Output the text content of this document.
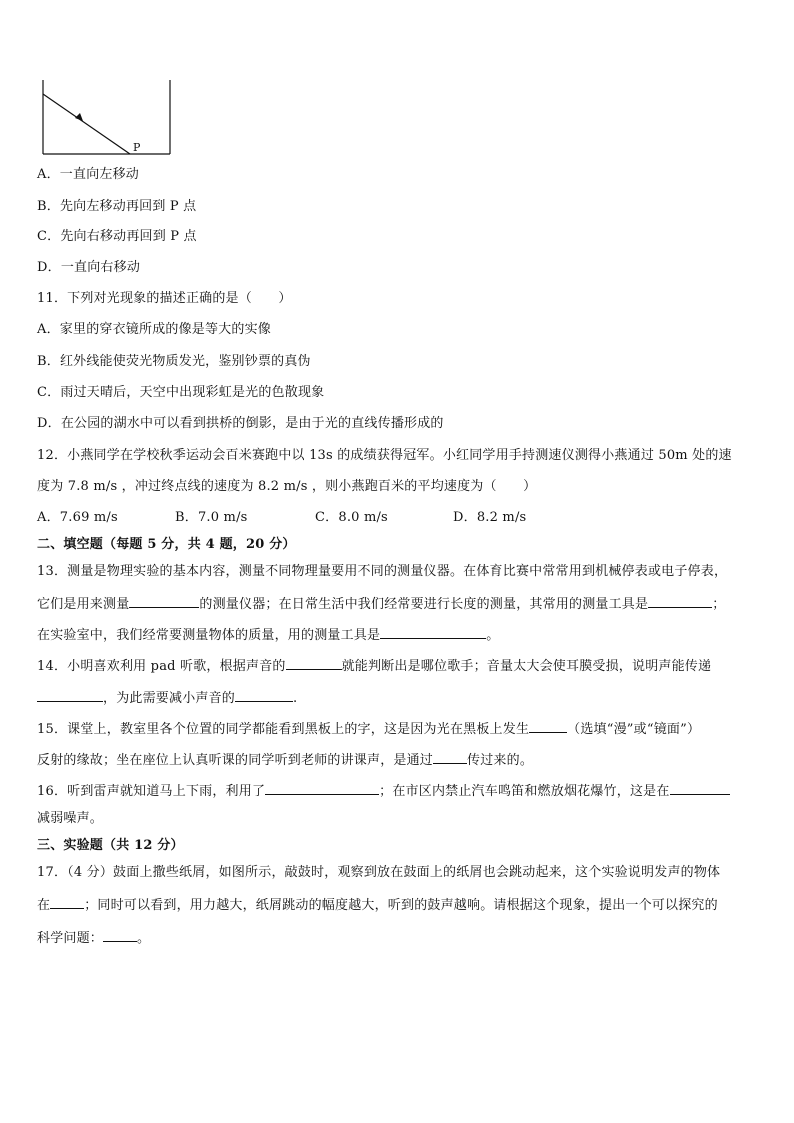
P
A．一直向左移动
B．先向左移动再回到 P 点
C．先向右移动再回到 P 点
D．一直向右移动
11．下列对光现象的描述正确的是（　　）
A．家里的穿衣镜所成的像是等大的实像
B．红外线能使荧光物质发光，鉴别钞票的真伪
C．雨过天晴后，天空中出现彩虹是光的色散现象
D．在公园的湖水中可以看到拱桥的倒影，是由于光的直线传播形成的
12．小燕同学在学校秋季运动会百米赛跑中以 13s 的成绩获得冠军。小红同学用手持测速仪测得小燕通过 50m 处的速
度为 7.8 m/s ，冲过终点线的速度为 8.2 m/s ，则小燕跑百米的平均速度为（　　）
A．7.69 m/s	B．7.0 m/s	C．8.0 m/s	D．8.2 m/s
二、填空题（每题 5 分，共 4 题，20 分）
13．测量是物理实验的基本内容，测量不同物理量要用不同的测量仪器。在体育比赛中常常用到机械停表或电子停表，
它们是用来测量	的测量仪器；在日常生活中我们经常要进行长度的测量，其常用的测量工具是	；
在实验室中，我们经常要测量物体的质量，用的测量工具是	。
14．小明喜欢利用 pad 听歌，根据声音的	就能判断出是哪位歌手；音量太大会使耳膜受损，说明声能传递
，为此需要减小声音的	.
15．课堂上，教室里各个位置的同学都能看到黑板上的字，这是因为光在黑板上发生	（选填“漫”或“镜面”）
反射的缘故；坐在座位上认真听课的同学听到老师的讲课声，是通过	传过来的。
16．听到雷声就知道马上下雨，利用了	；在市区内禁止汽车鸣笛和燃放烟花爆竹，这是在
减弱噪声。
三、实验题（共 12 分）
17．（4 分）鼓面上撒些纸屑，如图所示，敲鼓时，观察到放在鼓面上的纸屑也会跳动起来，这个实验说明发声的物体
在	；同时可以看到，用力越大，纸屑跳动的幅度越大，听到的鼓声越响。请根据这个现象，提出一个可以探究的
科学问题：	。
